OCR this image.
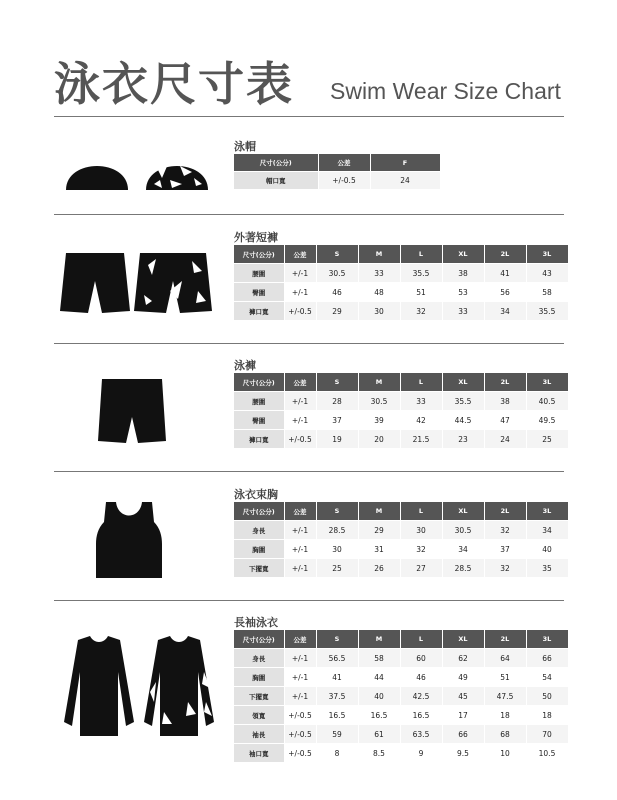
泳衣尺寸表 Swim Wear Size Chart
泳帽
尺寸(公分)	公差	F
帽口寬	+/-0.5	24
外著短褲
尺寸(公分)	公差	S	M	L	XL	2L	3L
腰圍	+/-1	30.5	33	35.5	38	41	43
臀圍	+/-1	46	48	51	53	56	58
褲口寬	+/-0.5	29	30	32	33	34	35.5
泳褲
尺寸(公分)	公差	S	M	L	XL	2L	3L
腰圍	+/-1	28	30.5	33	35.5	38	40.5
臀圍	+/-1	37	39	42	44.5	47	49.5
褲口寬	+/-0.5	19	20	21.5	23	24	25
泳衣束胸
尺寸(公分)	公差	S	M	L	XL	2L	3L
身長	+/-1	28.5	29	30	30.5	32	34
胸圍	+/-1	30	31	32	34	37	40
下擺寬	+/-1	25	26	27	28.5	32	35
長袖泳衣
尺寸(公分)	公差	S	M	L	XL	2L	3L
身長	+/-1	56.5	58	60	62	64	66
胸圍	+/-1	41	44	46	49	51	54
下擺寬	+/-1	37.5	40	42.5	45	47.5	50
領寬	+/-0.5	16.5	16.5	16.5	17	18	18
袖長	+/-0.5	59	61	63.5	66	68	70
袖口寬	+/-0.5	8	8.5	9	9.5	10	10.5
